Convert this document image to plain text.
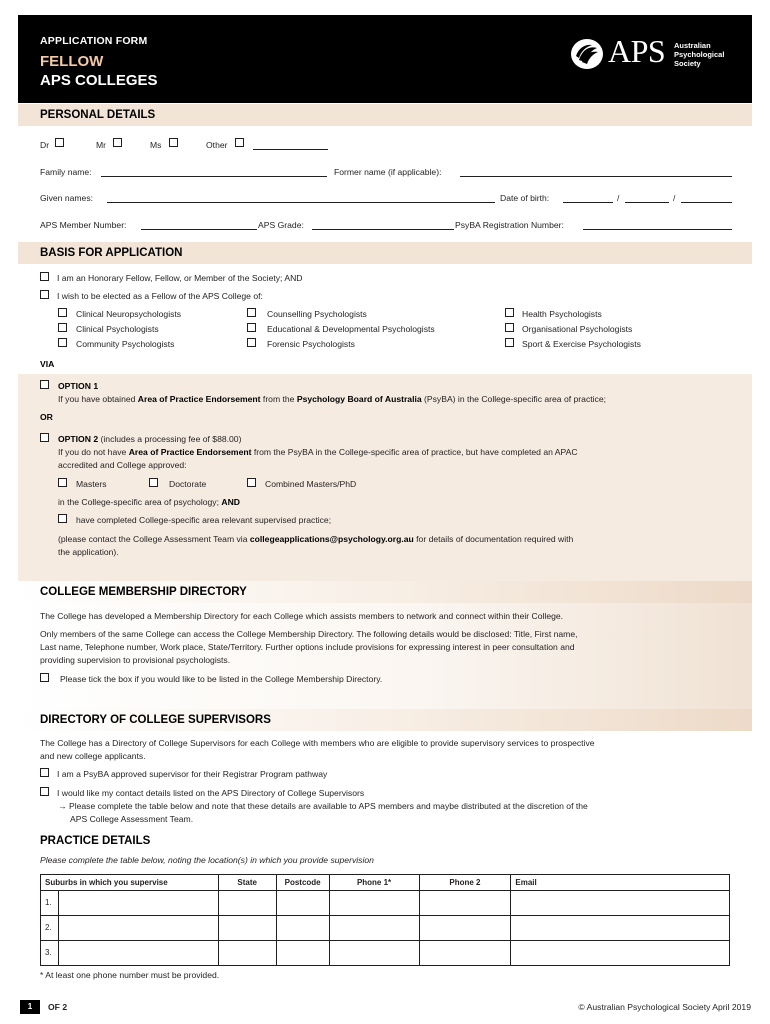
APPLICATION FORM
FELLOW
APS COLLEGES
APS Australian
Psychological
Society
PERSONAL DETAILS
Dr	Mr	Ms	Other
Family name:	Former name (if applicable):
Given names:	Date of birth:	/	/
APS Member Number:	APS Grade:	PsyBA Registration Number:
BASIS FOR APPLICATION
I am an Honorary Fellow, Fellow, or Member of the Society; AND
I wish to be elected as a Fellow of the APS College of:
Clinical Neuropsychologists	Counselling Psychologists	Health Psychologists
Clinical Psychologists	Educational & Developmental Psychologists	Organisational Psychologists
Community Psychologists	Forensic Psychologists	Sport & Exercise Psychologists
VIA
OPTION 1
If you have obtained Area of Practice Endorsement from the Psychology Board of Australia (PsyBA) in the College-specific area of practice;
OR
OPTION 2 (includes a processing fee of $88.00)
If you do not have Area of Practice Endorsement from the PsyBA in the College-specific area of practice, but have completed an APAC
accredited and College approved:
Masters	Doctorate	Combined Masters/PhD
in the College-specific area of psychology; AND
have completed College-specific area relevant supervised practice;
(please contact the College Assessment Team via collegeapplications@psychology.org.au for details of documentation required with
the application).
COLLEGE MEMBERSHIP DIRECTORY
The College has developed a Membership Directory for each College which assists members to network and connect within their College.
Only members of the same College can access the College Membership Directory. The following details would be disclosed: Title, First name,
Last name, Telephone number, Work place, State/Territory. Further options include provisions for expressing interest in peer consultation and
providing supervision to provisional psychologists.
Please tick the box if you would like to be listed in the College Membership Directory.
DIRECTORY OF COLLEGE SUPERVISORS
The College has a Directory of College Supervisors for each College with members who are eligible to provide supervisory services to prospective
and new college applicants.
I am a PsyBA approved supervisor for their Registrar Program pathway
I would like my contact details listed on the APS Directory of College Supervisors
→ Please complete the table below and note that these details are available to APS members and maybe distributed at the discretion of the
APS College Assessment Team.
PRACTICE DETAILS
Please complete the table below, noting the location(s) in which you provide supervision
Suburbs in which you supervise	State	Postcode	Phone 1*	Phone 2	Email
1.					
2.					
3.					
* At least one phone number must be provided.
1	OF 2	© Australian Psychological Society April 2019
